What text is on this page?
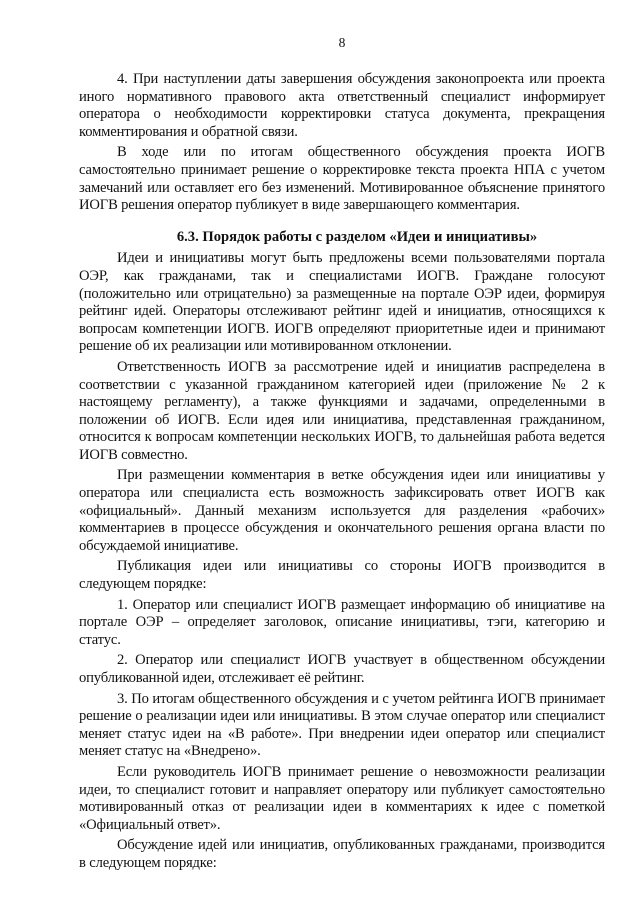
8

4. При наступлении даты завершения обсуждения законопроекта или проекта иного нормативного правового акта ответственный специалист информирует оператора о необходимости корректировки статуса документа, прекращения комментирования и обратной связи.

В ходе или по итогам общественного обсуждения проекта ИОГВ самостоятельно принимает решение о корректировке текста проекта НПА с учетом замечаний или оставляет его без изменений. Мотивированное объяснение принятого ИОГВ решения оператор публикует в виде завершающего комментария.

6.3. Порядок работы с разделом «Идеи и инициативы»

Идеи и инициативы могут быть предложены всеми пользователями портала ОЭР, как гражданами, так и специалистами ИОГВ. Граждане голосуют (положительно или отрицательно) за размещенные на портале ОЭР идеи, формируя рейтинг идей. Операторы отслеживают рейтинг идей и инициатив, относящихся к вопросам компетенции ИОГВ. ИОГВ определяют приоритетные идеи и принимают решение об их реализации или мотивированном отклонении.

Ответственность ИОГВ за рассмотрение идей и инициатив распределена в соответствии с указанной гражданином категорией идеи (приложение № 2 к настоящему регламенту), а также функциями и задачами, определенными в положении об ИОГВ. Если идея или инициатива, представленная гражданином, относится к вопросам компетенции нескольких ИОГВ, то дальнейшая работа ведется ИОГВ совместно.

При размещении комментария в ветке обсуждения идеи или инициативы у оператора или специалиста есть возможность зафиксировать ответ ИОГВ как «официальный». Данный механизм используется для разделения «рабочих» комментариев в процессе обсуждения и окончательного решения органа власти по обсуждаемой инициативе.

Публикация идеи или инициативы со стороны ИОГВ производится в следующем порядке:

1. Оператор или специалист ИОГВ размещает информацию об инициативе на портале ОЭР – определяет заголовок, описание инициативы, тэги, категорию и статус.

2. Оператор или специалист ИОГВ участвует в общественном обсуждении опубликованной идеи, отслеживает её рейтинг.

3. По итогам общественного обсуждения и с учетом рейтинга ИОГВ принимает решение о реализации идеи или инициативы. В этом случае оператор или специалист меняет статус идеи на «В работе». При внедрении идеи оператор или специалист меняет статус на «Внедрено».

Если руководитель ИОГВ принимает решение о невозможности реализации идеи, то специалист готовит и направляет оператору или публикует самостоятельно мотивированный отказ от реализации идеи в комментариях к идее с пометкой «Официальный ответ».

Обсуждение идей или инициатив, опубликованных гражданами, производится в следующем порядке:
